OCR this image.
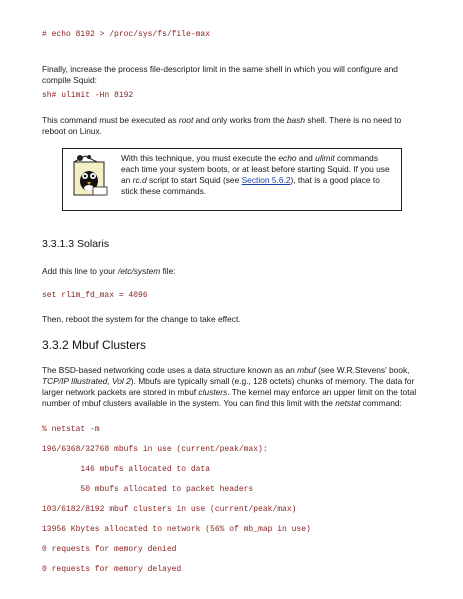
# echo 8192 > /proc/sys/fs/file-max
Finally, increase the process file-descriptor limit in the same shell in which you will configure and compile Squid:
sh# ulimit -Hn 8192
This command must be executed as root and only works from the bash shell. There is no need to reboot on Linux.
With this technique, you must execute the echo and ulimit commands each time your system boots, or at least before starting Squid. If you use an rc.d script to start Squid (see Section 5.6.2), that is a good place to stick these commands.
3.3.1.3 Solaris
Add this line to your /etc/system file:
set rlim_fd_max = 4096
Then, reboot the system for the change to take effect.
3.3.2 Mbuf Clusters
The BSD-based networking code uses a data structure known as an mbuf (see W.R.Stevens' book, TCP/IP Illustrated, Vol 2). Mbufs are typically small (e.g., 128 octets) chunks of memory. The data for larger network packets are stored in mbuf clusters. The kernel may enforce an upper limit on the total number of mbuf clusters available in the system. You can find this limit with the netstat command:
% netstat -m
196/6368/32768 mbufs in use (current/peak/max):
146 mbufs allocated to data
50 mbufs allocated to packet headers
103/6182/8192 mbuf clusters in use (current/peak/max)
13956 Kbytes allocated to network (56% of mb_map in use)
0 requests for memory denied
0 requests for memory delayed
